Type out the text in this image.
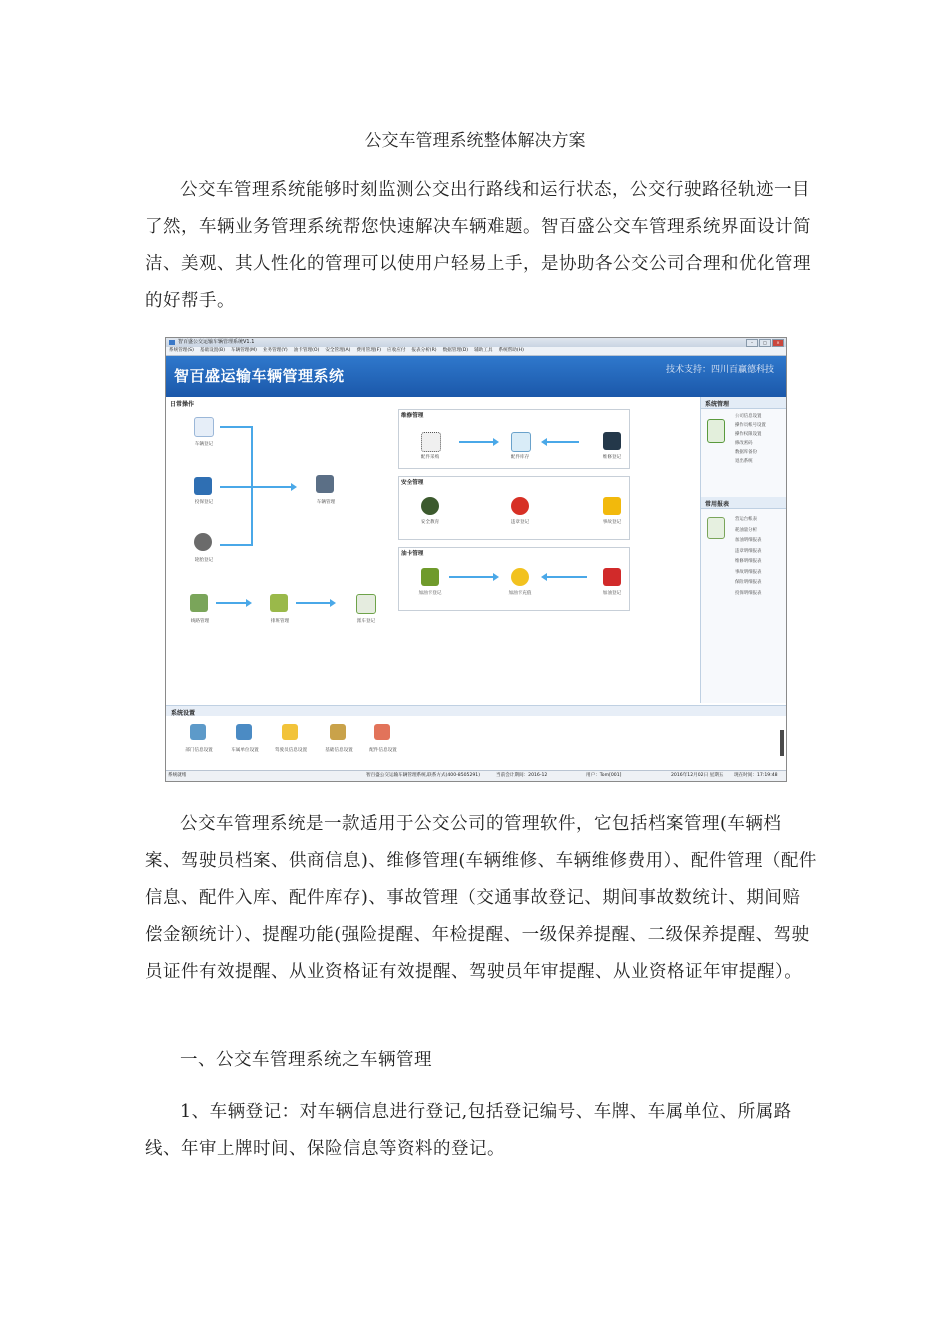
公交车管理系统整体解决方案
公交车管理系统能够时刻监测公交出行路线和运行状态，公交行驶路径轨迹一目了然，车辆业务管理系统帮您快速解决车辆难题。智百盛公交车管理系统界面设计简洁、美观、其人性化的管理可以使用户轻易上手，是协助各公交公司合理和优化管理的好帮手。
智百盛公交运输车辆管理系统V1.1	–	□	×
系统管理(S) 基础设置(B) 车辆管理(M) 业务管理(Y) 油卡管理(O) 安全管理(A) 费用管理(F) 应收应付 报表分析(R) 数据管理(D) 辅助工具 系统帮助(H)
智百盛运输车辆管理系统	技术支持：四川百赢德科技
日常操作
车辆登记
投保登记
轮胎登记
车辆管理
线路管理	排班管理	派车登记
维修管理
配件采购	配件库存	维修登记
安全管理
安全教育	违章登记	事故登记
油卡管理
加油卡登记	加油卡充值	加油登记
系统管理
公司信息设置
操作员帐号设置
操作权限设置
修改密码
数据库备份
退出系统
常用报表
营运台帐表
耗油量分析
加油明细报表
违章明细报表
维修明细报表
事故明细报表
保险明细报表
投保明细报表
系统设置
部门信息设置	车属单位设置	驾驶员信息设置	基础信息设置	配件信息设置
系统就绪	智百盛公交运输车辆管理系统,联系方式(400-8505291)	当前会计期间：2016-12	用户：Tom[001]	2016年12月02日 星期五 现在时间：17:19:48
公交车管理系统是一款适用于公交公司的管理软件，它包括档案管理(车辆档案、驾驶员档案、供商信息)、维修管理(车辆维修、车辆维修费用）、配件管理（配件信息、配件入库、配件库存)、事故管理（交通事故登记、期间事故数统计、期间赔偿金额统计）、提醒功能(强险提醒、年检提醒、一级保养提醒、二级保养提醒、驾驶员证件有效提醒、从业资格证有效提醒、驾驶员年审提醒、从业资格证年审提醒）。
一、公交车管理系统之车辆管理
1、车辆登记：对车辆信息进行登记,包括登记编号、车牌、车属单位、所属路线、年审上牌时间、保险信息等资料的登记。
